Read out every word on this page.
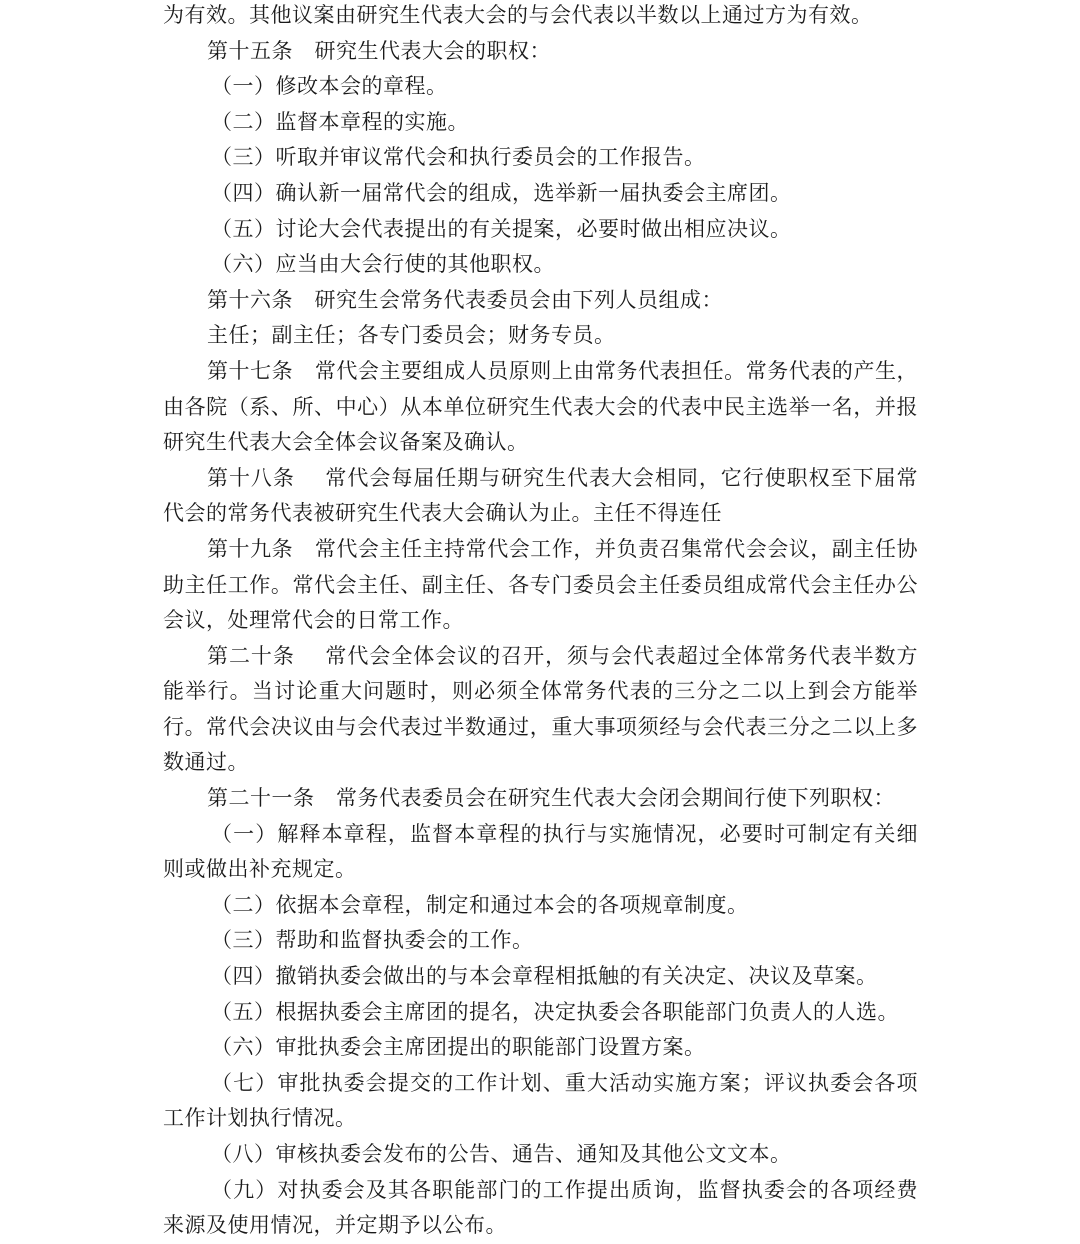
为有效。其他议案由研究生代表大会的与会代表以半数以上通过方为有效。

第十五条 研究生代表大会的职权：

（一）修改本会的章程。

（二）监督本章程的实施。

（三）听取并审议常代会和执行委员会的工作报告。

（四）确认新一届常代会的组成，选举新一届执委会主席团。

（五）讨论大会代表提出的有关提案，必要时做出相应决议。

（六）应当由大会行使的其他职权。

第十六条 研究生会常务代表委员会由下列人员组成：

主任；副主任；各专门委员会；财务专员。

第十七条 常代会主要组成人员原则上由常务代表担任。常务代表的产生，由各院（系、所、中心）从本单位研究生代表大会的代表中民主选举一名，并报研究生代表大会全体会议备案及确认。

第十八条 常代会每届任期与研究生代表大会相同，它行使职权至下届常代会的常务代表被研究生代表大会确认为止。主任不得连任

第十九条 常代会主任主持常代会工作，并负责召集常代会会议，副主任协助主任工作。常代会主任、副主任、各专门委员会主任委员组成常代会主任办公会议，处理常代会的日常工作。

第二十条 常代会全体会议的召开，须与会代表超过全体常务代表半数方能举行。当讨论重大问题时，则必须全体常务代表的三分之二以上到会方能举行。常代会决议由与会代表过半数通过，重大事项须经与会代表三分之二以上多数通过。

第二十一条 常务代表委员会在研究生代表大会闭会期间行使下列职权：

（一）解释本章程，监督本章程的执行与实施情况，必要时可制定有关细则或做出补充规定。

（二）依据本会章程，制定和通过本会的各项规章制度。

（三）帮助和监督执委会的工作。

（四）撤销执委会做出的与本会章程相抵触的有关决定、决议及草案。

（五）根据执委会主席团的提名，决定执委会各职能部门负责人的人选。

（六）审批执委会主席团提出的职能部门设置方案。

（七）审批执委会提交的工作计划、重大活动实施方案；评议执委会各项工作计划执行情况。

（八）审核执委会发布的公告、通告、通知及其他公文文本。

（九）对执委会及其各职能部门的工作提出质询，监督执委会的各项经费来源及使用情况，并定期予以公布。
